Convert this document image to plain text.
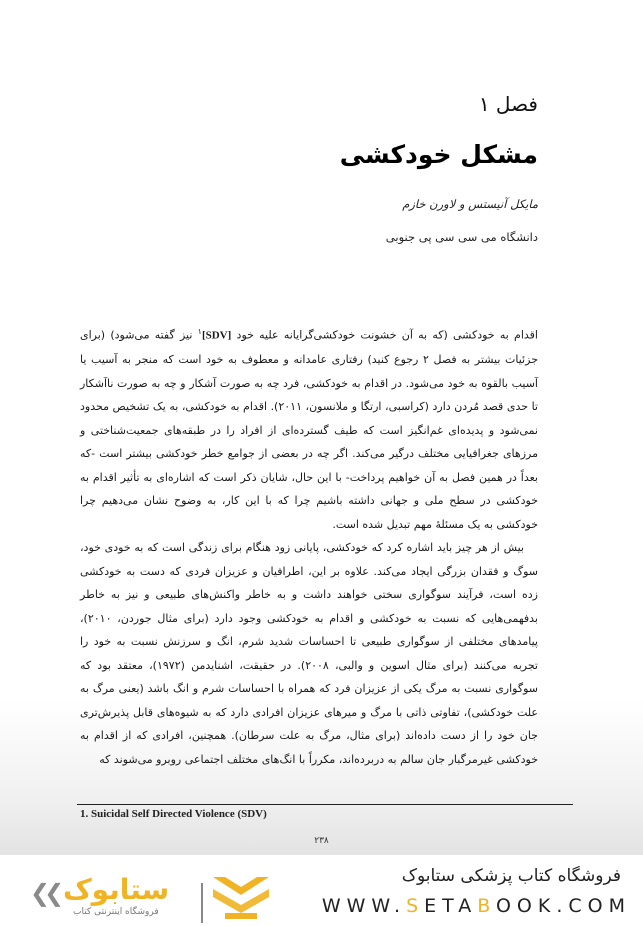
فصل ۱
مشکل خودکشی
مایکل آنیستس و لاورن خازم
دانشگاه می سی سی پی جنوبی

اقدام به خودکشی (که به آن خشونت خودکشی‌گرایانه علیه خود [SDV]$^۱$ نیز گفته می‌شود) (برای جزئیات بیشتر به فصل ۲ رجوع کنید) رفتاری عامدانه و معطوف به خود است که منجر به آسیب یا آسیب بالقوه به خود می‌شود. در اقدام به خودکشی، فرد چه به صورت آشکار و چه به صورت ناآشکار تا حدی قصد مُردن دارد (کراسبی، ارتگا و ملانسون، ۲۰۱۱). اقدام به خودکشی، به یک تشخیص محدود نمی‌شود و پدیده‌ای غم‌انگیز است که طیف گسترده‌ای از افراد را در طبقه‌های جمعیت‌شناختی و مرزهای جغرافیایی مختلف درگیر می‌کند. اگر چه در بعضی از جوامع خطر خودکشی بیشتر است -که بعداً در همین فصل به آن خواهیم پرداخت- با این حال، شایان ذکر است که اشاره‌ای به تأثیر اقدام به خودکشی در سطح ملی و جهانی داشته باشیم چرا که با این کار، به وضوح نشان می‌دهیم چرا خودکشی به یک مسئلهٔ مهم تبدیل شده است.

بیش از هر چیز باید اشاره کرد که خودکشی، پایانی زود هنگام برای زندگی است که به خودی خود، سوگ و فقدان بزرگی ایجاد می‌کند. علاوه بر این، اطرافیان و عزیزان فردی که دست به خودکشی زده است، فرآیند سوگواری سختی خواهند داشت و به خاطر واکنش‌های طبیعی و نیز به خاطر بدفهمی‌هایی که نسبت به خودکشی و اقدام به خودکشی وجود دارد (برای مثال جوردن، ۲۰۱۰)، پیامدهای مختلفی از سوگواری طبیعی تا احساسات شدید شرم، انگ و سرزنش نسبت به خود را تجربه می‌کنند (برای مثال اسوین و والبی، ۲۰۰۸). در حقیقت، اشنایدمن (۱۹۷۲)، معتقد بود که سوگواری نسبت به مرگ یکی از عزیزان فرد که همراه با احساسات شرم و انگ باشد (یعنی مرگ به علت خودکشی)، تفاوتی ذاتی با مرگ و میرهای عزیزان افرادی دارد که به شیوه‌های قابل پذیرش‌تری جان خود را از دست داده‌اند (برای مثال، مرگ به علت سرطان). همچنین، افرادی که از اقدام به خودکشی غیرمرگبار جان سالم به دربرده‌اند، مکرراً با انگ‌های مختلف اجتماعی روبرو می‌شوند که

1. Suicidal Self Directed Violence (SDV)
۲۳۸
❮❮ ستابوک
فروشگاه اینترنتی کتاب
فروشگاه کتاب پزشکی ستابوک
WWW.SETABOOK.COM
